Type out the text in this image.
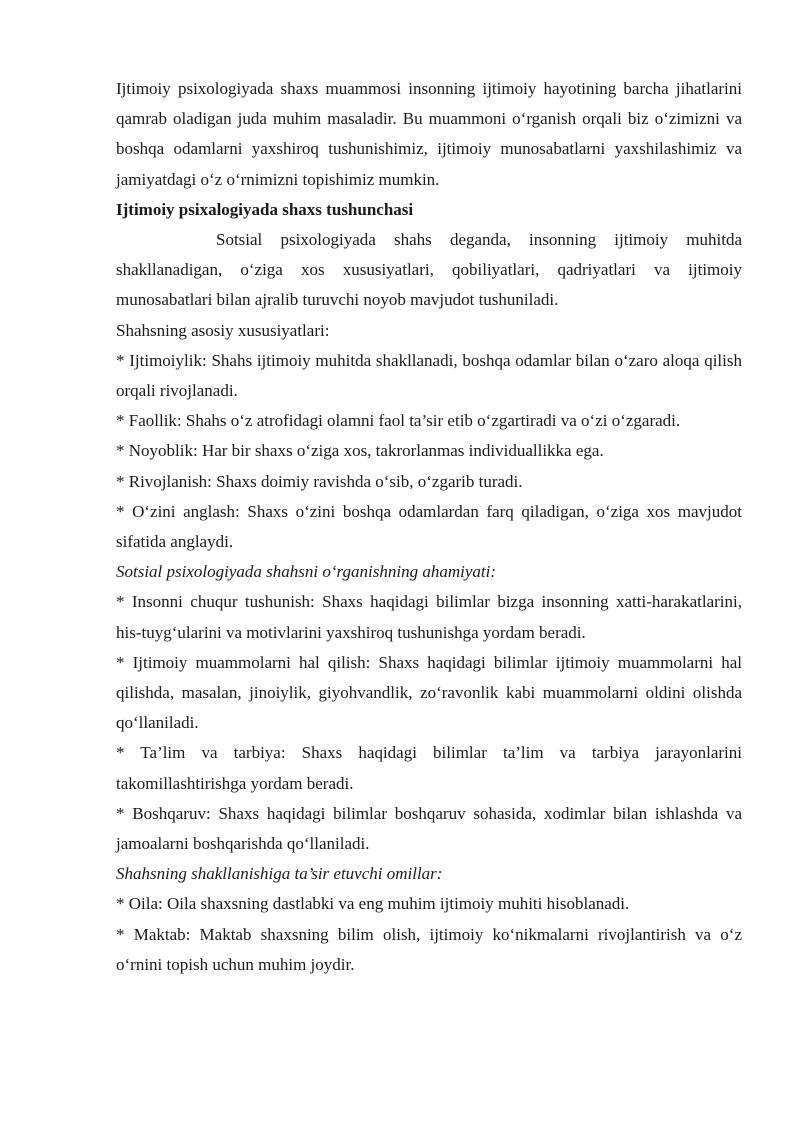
Ijtimoiy psixologiyada shaxs muammosi insonning ijtimoiy hayotining barcha jihatlarini qamrab oladigan juda muhim masaladir. Bu muammoni o‘rganish orqali biz o‘zimizni va boshqa odamlarni yaxshiroq tushunishimiz, ijtimoiy munosabatlarni yaxshilashimiz va jamiyatdagi o‘z o‘rnimizni topishimiz mumkin.

Ijtimoiy psixalogiyada shaxs tushunchasi

Sotsial psixologiyada shahs deganda, insonning ijtimoiy muhitda shakllanadigan, o‘ziga xos xususiyatlari, qobiliyatlari, qadriyatlari va ijtimoiy munosabatlari bilan ajralib turuvchi noyob mavjudot tushuniladi.

Shahsning asosiy xususiyatlari:

* Ijtimoiylik: Shahs ijtimoiy muhitda shakllanadi, boshqa odamlar bilan o‘zaro aloqa qilish orqali rivojlanadi.

* Faollik: Shahs o‘z atrofidagi olamni faol ta’sir etib o‘zgartiradi va o‘zi o‘zgaradi.

* Noyoblik: Har bir shaxs o‘ziga xos, takrorlanmas individuallikka ega.

* Rivojlanish: Shaxs doimiy ravishda o‘sib, o‘zgarib turadi.

* O‘zini anglash: Shaxs o‘zini boshqa odamlardan farq qiladigan, o‘ziga xos mavjudot sifatida anglaydi.

Sotsial psixologiyada shahsni o‘rganishning ahamiyati:

* Insonni chuqur tushunish: Shaxs haqidagi bilimlar bizga insonning xatti-harakatlarini, his-tuyg‘ularini va motivlarini yaxshiroq tushunishga yordam beradi.

* Ijtimoiy muammolarni hal qilish: Shaxs haqidagi bilimlar ijtimoiy muammolarni hal qilishda, masalan, jinoiylik, giyohvandlik, zo‘ravonlik kabi muammolarni oldini olishda qo‘llaniladi.

* Ta’lim va tarbiya: Shaxs haqidagi bilimlar ta’lim va tarbiya jarayonlarini takomillashtirishga yordam beradi.

* Boshqaruv: Shaxs haqidagi bilimlar boshqaruv sohasida, xodimlar bilan ishlashda va jamoalarni boshqarishda qo‘llaniladi.

Shahsning shakllanishiga ta’sir etuvchi omillar:

* Oila: Oila shaxsning dastlabki va eng muhim ijtimoiy muhiti hisoblanadi.

* Maktab: Maktab shaxsning bilim olish, ijtimoiy ko‘nikmalarni rivojlantirish va o‘z o‘rnini topish uchun muhim joydir.
